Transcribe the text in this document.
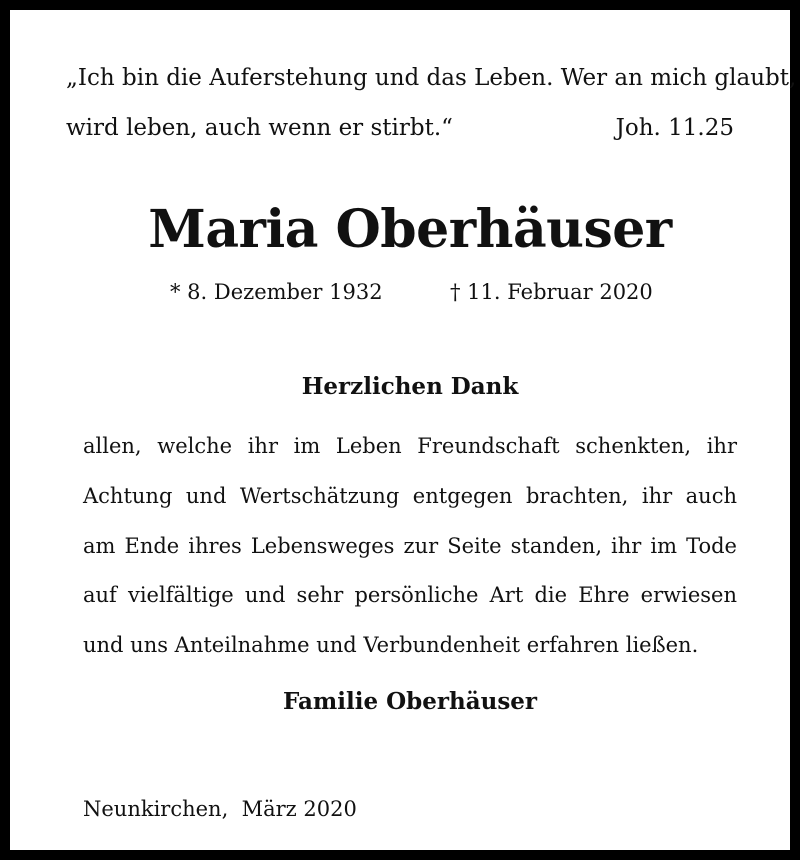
„Ich bin die Auferstehung und das Leben. Wer an mich glaubt,
wird leben, auch wenn er stirbt.“	Joh. 11.25
Maria Oberhäuser
* 8. Dezember 1932	† 11. Februar 2020
Herzlichen Dank
allen, welche ihr im Leben Freundschaft schenkten, ihr
Achtung und Wertschätzung entgegen brachten, ihr auch
am Ende ihres Lebensweges zur Seite standen, ihr im Tode
auf vielfältige und sehr persönliche Art die Ehre erwiesen
und uns Anteilnahme und Verbundenheit erfahren ließen.
Familie Oberhäuser
Neunkirchen,  März 2020
